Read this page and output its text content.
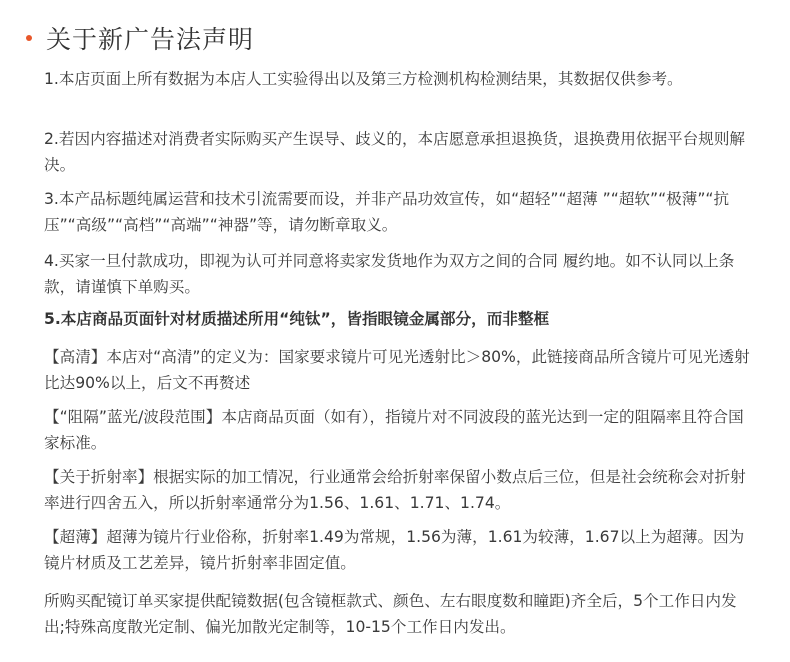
关于新广告法声明

1.本店页面上所有数据为本店人工实验得出以及第三方检测机构检测结果，其数据仅供参考。

2.若因内容描述对消费者实际购买产生误导、歧义的，本店愿意承担退换货，退换费用依据平台规则解决。

3.本产品标题纯属运营和技术引流需要而设，并非产品功效宣传，如“超轻”“超薄 ”“超软”“极薄”“抗压”“高级”“高档”“高端”“神器”等，请勿断章取义。

4.买家一旦付款成功，即视为认可并同意将卖家发货地作为双方之间的合同 履约地。如不认同以上条款，请谨慎下单购买。

5.本店商品页面针对材质描述所用“纯钛”，皆指眼镜金属部分，而非整框

【高清】本店对“高清”的定义为：国家要求镜片可见光透射比＞80%，此链接商品所含镜片可见光透射比达90%以上，后文不再赘述

【“阻隔”蓝光/波段范围】本店商品页面（如有），指镜片对不同波段的蓝光达到一定的阻隔率且符合国家标准。

【关于折射率】根据实际的加工情况，行业通常会给折射率保留小数点后三位，但是社会统称会对折射率进行四舍五入，所以折射率通常分为1.56、1.61、1.71、1.74。

【超薄】超薄为镜片行业俗称，折射率1.49为常规，1.56为薄，1.61为较薄，1.67以上为超薄。因为镜片材质及工艺差异，镜片折射率非固定值。

所购买配镜订单买家提供配镜数据(包含镜框款式、颜色、左右眼度数和瞳距)齐全后，5个工作日内发出;特殊高度散光定制、偏光加散光定制等，10-15个工作日内发出。
